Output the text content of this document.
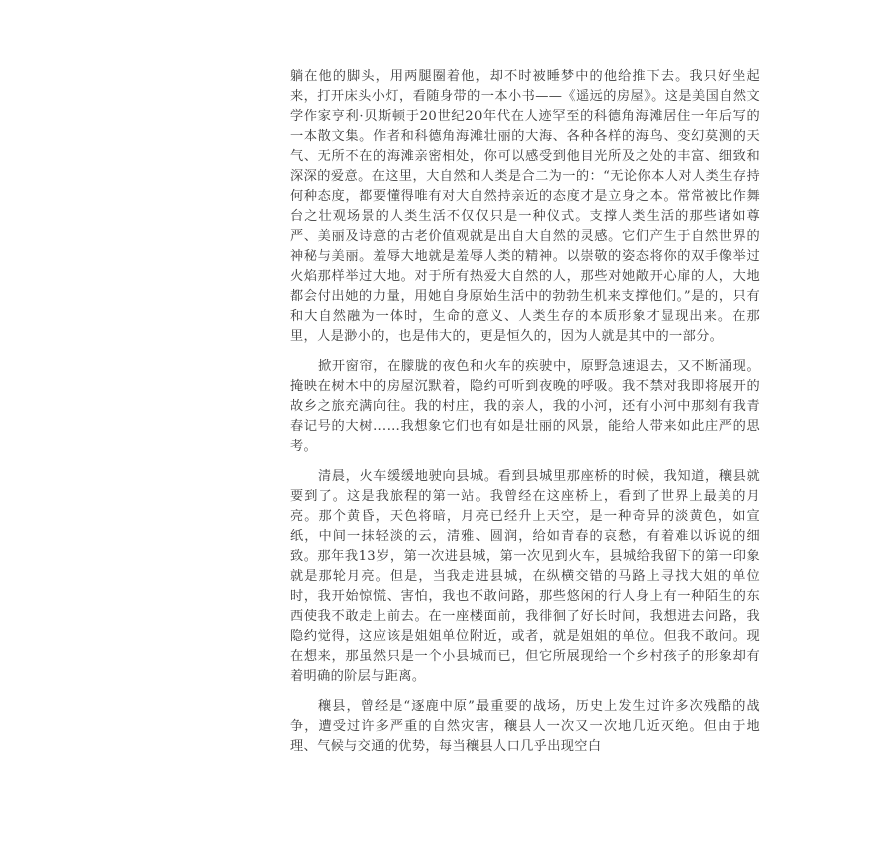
躺在他的脚头，用两腿圈着他，却不时被睡梦中的他给推下去。我只好坐起来，打开床头小灯，看随身带的一本小书——《遥远的房屋》。这是美国自然文学作家亨利·贝斯顿于20世纪20年代在人迹罕至的科德角海滩居住一年后写的一本散文集。作者和科德角海滩壮丽的大海、各种各样的海鸟、变幻莫测的天气、无所不在的海滩亲密相处，你可以感受到他目光所及之处的丰富、细致和深深的爱意。在这里，大自然和人类是合二为一的：“无论你本人对人类生存持何种态度，都要懂得唯有对大自然持亲近的态度才是立身之本。常常被比作舞台之壮观场景的人类生活不仅仅只是一种仪式。支撑人类生活的那些诸如尊严、美丽及诗意的古老价值观就是出自大自然的灵感。它们产生于自然世界的神秘与美丽。羞辱大地就是羞辱人类的精神。以崇敬的姿态将你的双手像举过火焰那样举过大地。对于所有热爱大自然的人，那些对她敞开心扉的人，大地都会付出她的力量，用她自身原始生活中的勃勃生机来支撑他们。”是的，只有和大自然融为一体时，生命的意义、人类生存的本质形象才显现出来。在那里，人是渺小的，也是伟大的，更是恒久的，因为人就是其中的一部分。

掀开窗帘，在朦胧的夜色和火车的疾驶中，原野急速退去，又不断涌现。掩映在树木中的房屋沉默着，隐约可听到夜晚的呼吸。我不禁对我即将展开的故乡之旅充满向往。我的村庄，我的亲人，我的小河，还有小河中那刻有我青春记号的大树……我想象它们也有如是壮丽的风景，能给人带来如此庄严的思考。

清晨，火车缓缓地驶向县城。看到县城里那座桥的时候，我知道，穰县就要到了。这是我旅程的第一站。我曾经在这座桥上，看到了世界上最美的月亮。那个黄昏，天色将暗，月亮已经升上天空，是一种奇异的淡黄色，如宣纸，中间一抹轻淡的云，清雅、圆润，给如青春的哀愁，有着难以诉说的细致。那年我13岁，第一次进县城，第一次见到火车，县城给我留下的第一印象就是那轮月亮。但是，当我走进县城，在纵横交错的马路上寻找大姐的单位时，我开始惊慌、害怕，我也不敢问路，那些悠闲的行人身上有一种陌生的东西使我不敢走上前去。在一座楼面前，我徘徊了好长时间，我想进去问路，我隐约觉得，这应该是姐姐单位附近，或者，就是姐姐的单位。但我不敢问。现在想来，那虽然只是一个小县城而已，但它所展现给一个乡村孩子的形象却有着明确的阶层与距离。

穰县，曾经是“逐鹿中原”最重要的战场，历史上发生过许多次残酷的战争，遭受过许多严重的自然灾害，穰县人一次又一次地几近灭绝。但由于地理、气候与交通的优势，每当穰县人口几乎出现空白
